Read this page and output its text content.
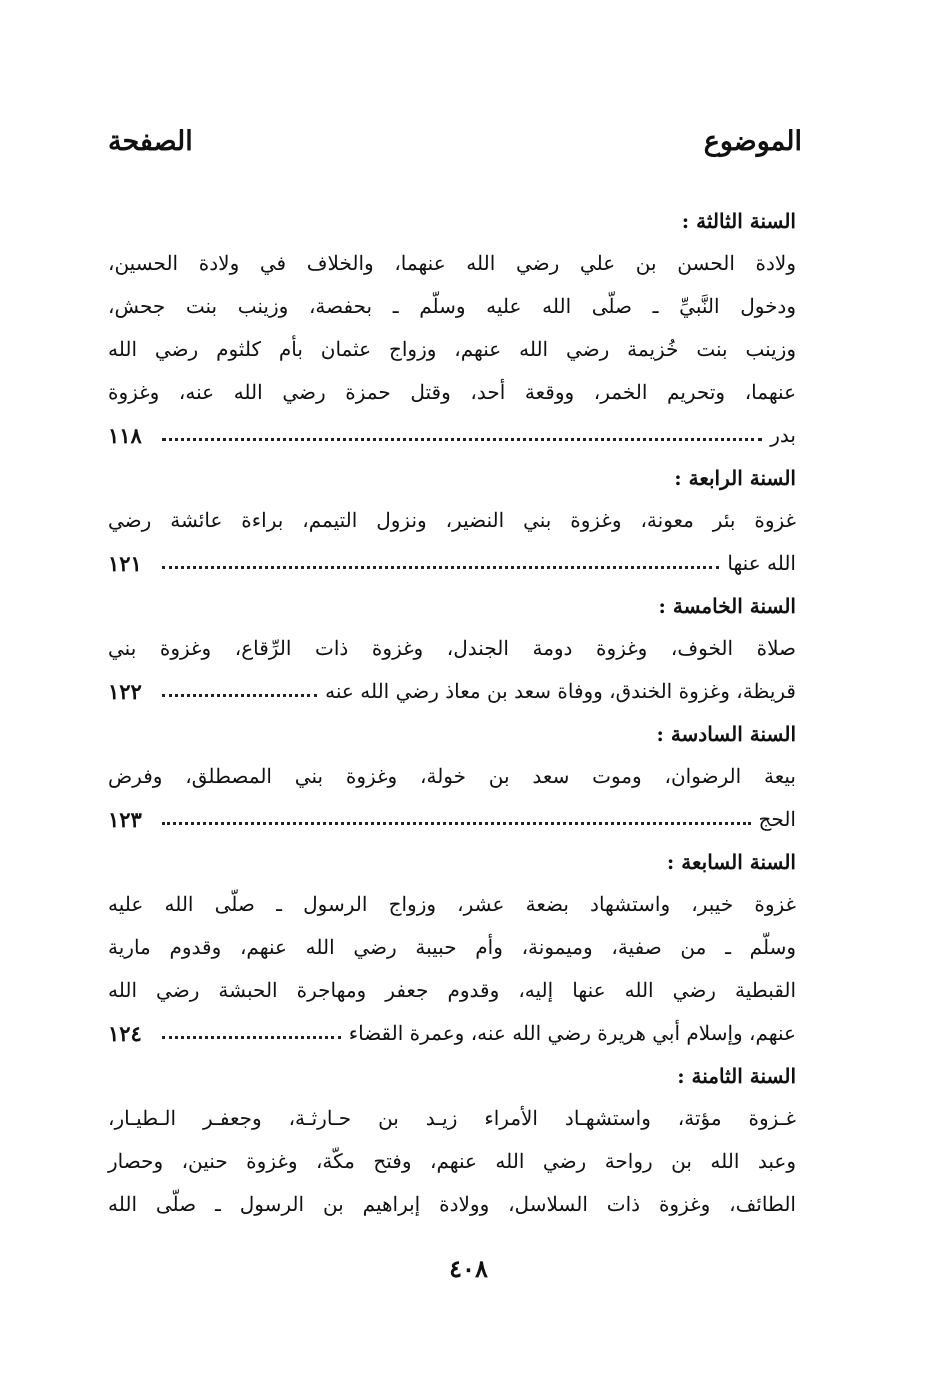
الموضوع
الصفحة
السنة الثالثة :
ولادة الحسن بن علي رضي الله عنهما، والخلاف في ولادة الحسين،
ودخول النَّبيِّ ـ صلّى الله عليه وسلّم ـ بحفصة، وزينب بنت جحش،
وزينب بنت خُزيمة رضي الله عنهم، وزواج عثمان بأم كلثوم رضي الله
عنهما، وتحريم الخمر، ووقعة أحد، وقتل حمزة رضي الله عنه، وغزوة
بدر
١١٨
السنة الرابعة :
غزوة بئر معونة، وغزوة بني النضير، ونزول التيمم، براءة عائشة رضي
الله عنها
١٢١
السنة الخامسة :
صلاة الخوف، وغزوة دومة الجندل، وغزوة ذات الرِّقاع، وغزوة بني
قريظة، وغزوة الخندق، ووفاة سعد بن معاذ رضي الله عنه
١٢٢
السنة السادسة :
بيعة الرضوان، وموت سعد بن خولة، وغزوة بني المصطلق، وفرض
الحج
١٢٣
السنة السابعة :
غزوة خيبر، واستشهاد بضعة عشر، وزواج الرسول ـ صلّى الله عليه
وسلّم ـ من صفية، وميمونة، وأم حبيبة رضي الله عنهم، وقدوم مارية
القبطية رضي الله عنها إليه، وقدوم جعفر ومهاجرة الحبشة رضي الله
عنهم، وإسلام أبي هريرة رضي الله عنه، وعمرة القضاء
١٢٤
السنة الثامنة :
غـزوة مؤتة، واستشهـاد الأمراء زيـد بن حـارثـة، وجعفـر الـطيـار،
وعبد الله بن رواحة رضي الله عنهم، وفتح مكّة، وغزوة حنين، وحصار
الطائف، وغزوة ذات السلاسل، وولادة إبراهيم بن الرسول ـ صلّى الله
٤٠٨
